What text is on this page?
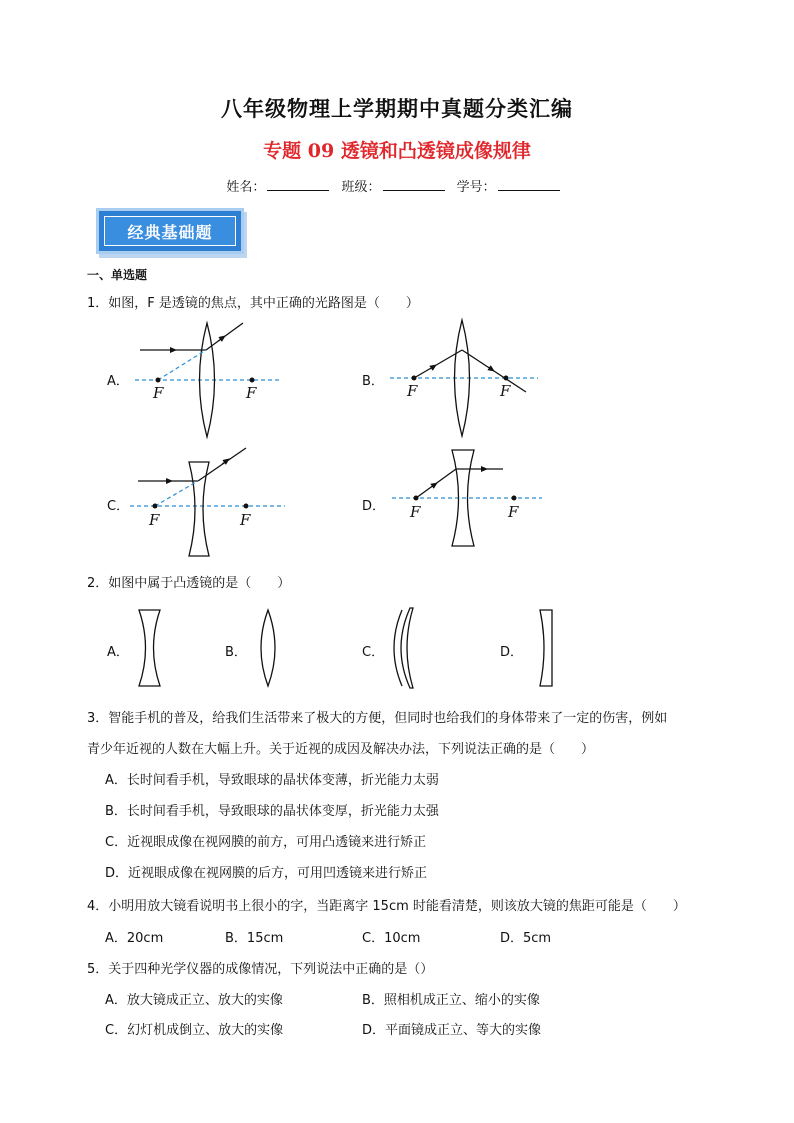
八年级物理上学期期中真题分类汇编
专题 09 透镜和凸透镜成像规律
姓名：	班级：	学号：
经典基础题
一、单选题
1．如图，F 是透镜的焦点，其中正确的光路图是（　　）
A．	B．
C．	D．
F	F	F	F
F	F	F	F
2．如图中属于凸透镜的是（　　）
A．	B．	C．	D．
3．智能手机的普及，给我们生活带来了极大的方便，但同时也给我们的身体带来了一定的伤害，例如
青少年近视的人数在大幅上升。关于近视的成因及解决办法，下列说法正确的是（　　）
A．长时间看手机，导致眼球的晶状体变薄，折光能力太弱
B．长时间看手机，导致眼球的晶状体变厚，折光能力太强
C．近视眼成像在视网膜的前方，可用凸透镜来进行矫正
D．近视眼成像在视网膜的后方，可用凹透镜来进行矫正
4．小明用放大镜看说明书上很小的字，当距离字 15cm 时能看清楚，则该放大镜的焦距可能是（　　）
A．20cm	B．15cm	C．10cm	D．5cm
5．关于四种光学仪器的成像情况，下列说法中正确的是（）
A．放大镜成正立、放大的实像	B．照相机成正立、缩小的实像
C．幻灯机成倒立、放大的实像	D．平面镜成正立、等大的实像
